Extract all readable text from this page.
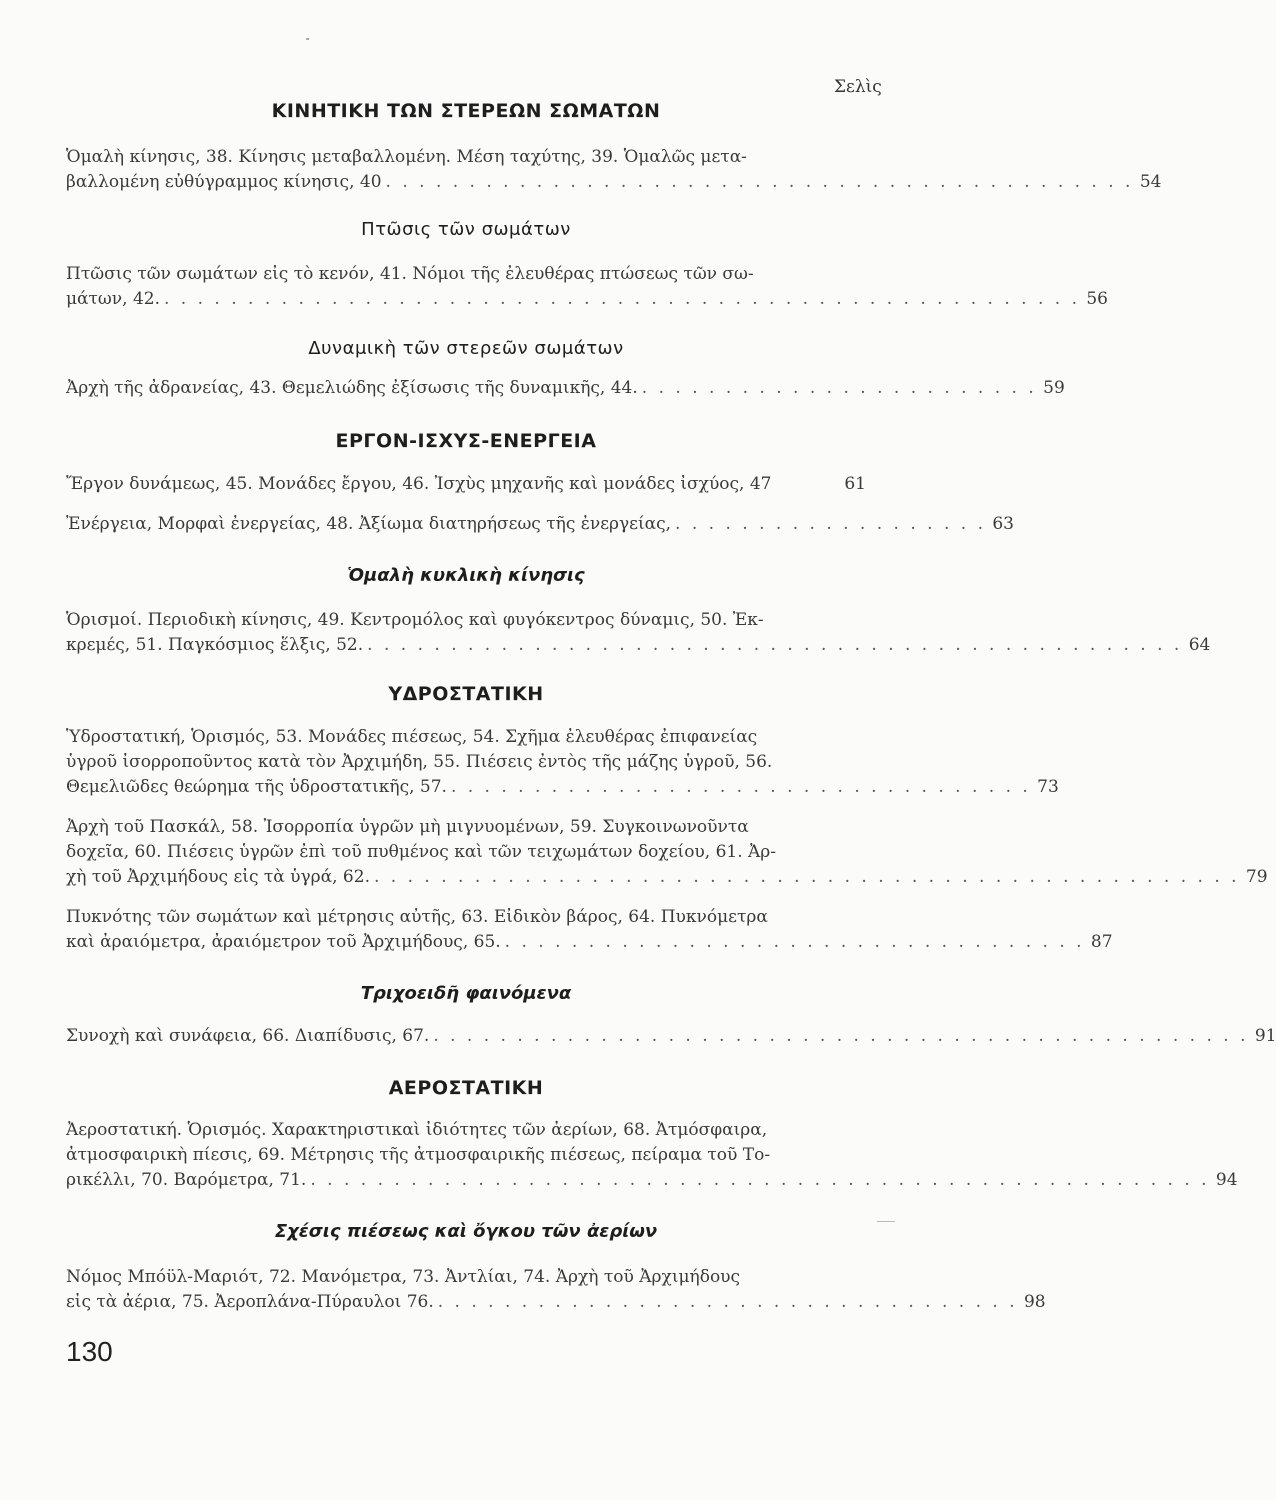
Σελὶς
ΚΙΝΗΤΙΚΗ ΤΩΝ ΣΤΕΡΕΩΝ ΣΩΜΑΤΩΝ
Ὁμαλὴ κίνησις, 38. Κίνησις μεταβαλλομένη. Μέση ταχύτης, 39. Ὁμαλῶς μετα-
βαλλομένη εὐθύγραμμος κίνησις, 40 . . . . . . . . . . . . . . . . . . . . . . . . . . . . . . . . . . . . . . . . . . . . . 54
Πτῶσις τῶν σωμάτων
Πτῶσις τῶν σωμάτων εἰς τὸ κενόν, 41. Νόμοι τῆς ἐλευθέρας πτώσεως τῶν σω-
μάτων, 42. . . . . . . . . . . . . . . . . . . . . . . . . . . . . . . . . . . . . . . . . . . . . . . . . . . . . . . . 56
Δυναμικὴ τῶν στερεῶν σωμάτων
Ἀρχὴ τῆς ἀδρανείας, 43. Θεμελιώδης ἐξίσωσις τῆς δυναμικῆς, 44. . . . . . . . . . . . . . . . . . . . . . . . . 59
ΕΡΓΟΝ-ΙΣΧΥΣ-ΕΝΕΡΓΕΙΑ
Ἔργον δυνάμεως, 45. Μονάδες ἔργου, 46. Ἰσχὺς μηχανῆς καὶ μονάδες ἰσχύος, 47	61
Ἐνέργεια, Μορφαὶ ἐνεργείας, 48. Ἀξίωμα διατηρήσεως τῆς ἐνεργείας, . . . . . . . . . . . . . . . . . . . 63
Ὁμαλὴ κυκλικὴ κίνησις
Ὁρισμοί. Περιοδικὴ κίνησις, 49. Κεντρομόλος καὶ φυγόκεντρος δύναμις, 50. Ἐκ-
κρεμές, 51. Παγκόσμιος ἕλξις, 52. . . . . . . . . . . . . . . . . . . . . . . . . . . . . . . . . . . . . . . . . . . . . . . . . . 64
ΥΔΡΟΣΤΑΤΙΚΗ
Ὑδροστατική, Ὁρισμός, 53. Μονάδες πιέσεως, 54. Σχῆμα ἐλευθέρας ἐπιφανείας
ὑγροῦ ἰσορροποῦντος κατὰ τὸν Ἀρχιμήδη, 55. Πιέσεις ἐντὸς τῆς μάζης ὑγροῦ, 56.
Θεμελιῶδες θεώρημα τῆς ὑδροστατικῆς, 57. . . . . . . . . . . . . . . . . . . . . . . . . . . . . . . . . . . . 73
Ἀρχὴ τοῦ Πασκάλ, 58. Ἰσορροπία ὑγρῶν μὴ μιγνυομένων, 59. Συγκοινωνοῦντα
δοχεῖα, 60. Πιέσεις ὑγρῶν ἐπὶ τοῦ πυθμένος καὶ τῶν τειχωμάτων δοχείου, 61. Ἀρ-
χὴ τοῦ Ἀρχιμήδους εἰς τὰ ὑγρά, 62. . . . . . . . . . . . . . . . . . . . . . . . . . . . . . . . . . . . . . . . . . . . . . . . . . . . . 79
Πυκνότης τῶν σωμάτων καὶ μέτρησις αὐτῆς, 63. Εἰδικὸν βάρος, 64. Πυκνόμετρα
καὶ ἀραιόμετρα, ἀραιόμετρον τοῦ Ἀρχιμήδους, 65. . . . . . . . . . . . . . . . . . . . . . . . . . . . . . . . . . . . 87
Τριχοειδῆ φαινόμενα
Συνοχὴ καὶ συνάφεια, 66. Διαπίδυσις, 67. . . . . . . . . . . . . . . . . . . . . . . . . . . . . . . . . . . . . . . . . . . . . . . . . . 91
ΑΕΡΟΣΤΑΤΙΚΗ
Ἀεροστατική. Ὁρισμός. Χαρακτηριστικαὶ ἰδιότητες τῶν ἀερίων, 68. Ἀτμόσφαιρα,
ἀτμοσφαιρικὴ πίεσις, 69. Μέτρησις τῆς ἀτμοσφαιρικῆς πιέσεως, πείραμα τοῦ Το-
ρικέλλι, 70. Βαρόμετρα, 71. . . . . . . . . . . . . . . . . . . . . . . . . . . . . . . . . . . . . . . . . . . . . . . . . . . . . . . 94
Σχέσις πιέσεως καὶ ὄγκου τῶν ἀερίων
Νόμος Μπόϋλ-Μαριότ, 72. Μανόμετρα, 73. Ἀντλίαι, 74. Ἀρχὴ τοῦ Ἀρχιμήδους
εἰς τὰ ἀέρια, 75. Ἀεροπλάνα-Πύραυλοι 76. . . . . . . . . . . . . . . . . . . . . . . . . . . . . . . . . . . . 98
130
